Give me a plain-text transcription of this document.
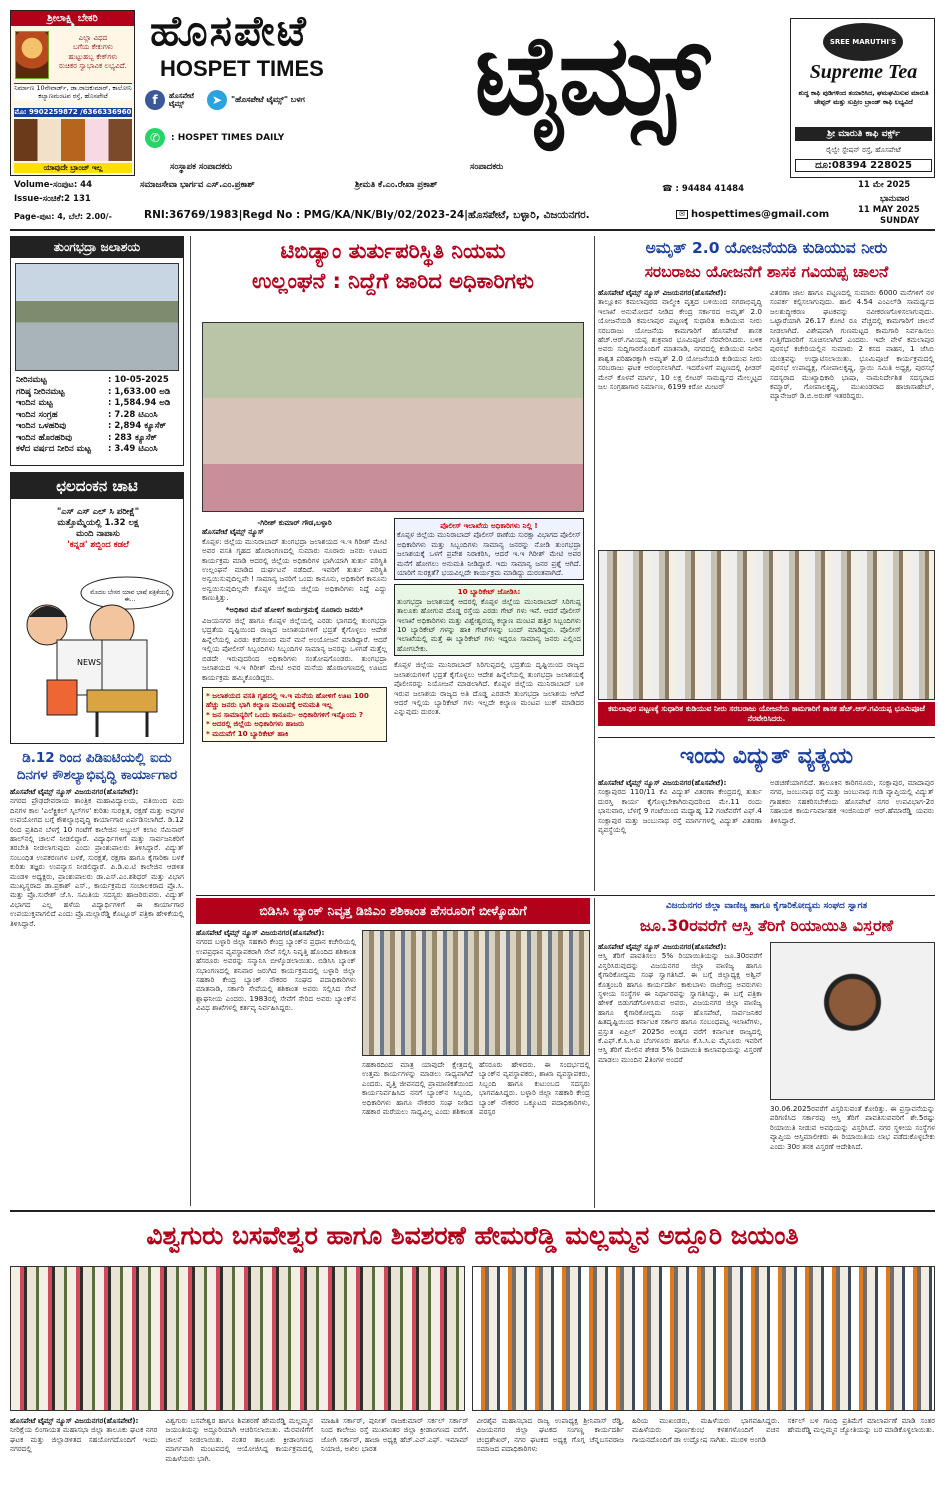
ಶ್ರೀಲಾಕ್ಷ್ಮಿ ಬೇಕರಿ
ಎಲ್ಲಾ ವಿಧದ
ಬಗೆಯ ಕೇಕುಗಳು
ಹುಟ್ಟುಹಬ್ಬ ಕೇಕ್‌ಗಳು
ರುಚಿಕರ ಸ್ವಾಭಾವಿಕ ಲಭ್ಯವಿದೆ.
ನಿರ್ಮಾಣ 10ನೇವಾರ್ಡ್, ಡಾ.ರಾಜಕುಮಾರ್, ಕಾಲೋನಿ ಕಲ್ಯಾಣಮಂಟಪ ರಸ್ತೆ, ಹೊಸಪೇಟೆ
ಮೊ: 9902259872 /6366336960
ಯಾವುದೇ ಬ್ರಾಂಚ್ ಇಲ್ಲ
ಹೊಸಪೇಟೆ
HOSPET TIMES	ಟೈಮ್ಸ್
f	ಹೊಸಪೇಟೆ ಟೈಮ್ಸ್	➤	"ಹೊಸಪೇಟೆ ಟೈಮ್ಸ್" ಬಳಗ
✆	: HOSPET TIMES DAILY
SREE MARUTHI'S
Supreme Tea
ಶುದ್ಧ ಕಾಫಿ ಪುಡಿಗಳಿಂದ ತಯಾರಿಸಿದ, ಘಮಘಮಿಸುವ ಮಾರುತಿ ಚೇಪ್ಪರ್ ಮತ್ತು ಸುಪ್ರೀಂ ಬ್ರಾಂಡ್ ಕಾಫಿ ಲಭ್ಯವಿದೆ
ಶ್ರೀ ಮಾರುತಿ ಕಾಫಿ ವರ್ಕ್ಸ್
ರೈಲ್ವೇ ಸ್ಟೇಷನ್ ರಸ್ತೆ, ಹೊಸಪೇಟೆ
ದೂ:08394 228025
ಸಂಸ್ಥಾಪಕ ಸಂಪಾದಕರು	ಸಂಪಾದಕರು
Volume-ಸಂಪುಟ: 44	ಸಮಾಜಸೇವಾ ಭಾರ್ಗವ ಎಸ್.ಎಂ.ಪ್ರಕಾಶ್	ಶ್ರೀಮತಿ ಕೆ.ಎಂ.ರೇಖಾ ಪ್ರಕಾಶ್	☎ : 94484 41484	11 ಮೇ 2025
Issue-ಸಂಚಿಕೆ:2 131	ಭಾನುವಾರ
11 MAY 2025
SUNDAY
Page-ಪುಟ: 4, ಬೆಲೆ: 2.00/-	RNI:36769/1983|Regd No : PMG/KA/NK/Bly/02/2023-24|ಹೊಸಪೇಟೆ, ಬಳ್ಳಾರಿ, ವಿಜಯನಗರ.	✉ hospettimes@gmail.com
ತುಂಗಭದ್ರಾ ಜಲಾಶಯ
ನೀರಿನಮಟ್ಟ	: 10-05-2025
ಗರಿಷ್ಠ ನೀರಿನಮಟ್ಟ	: 1,633.00 ಅಡಿ
ಇಂದಿನ ಮಟ್ಟ	: 1,584.94 ಅಡಿ
ಇಂದಿನ ಸಂಗ್ರಹ	: 7.28 ಟಿಎಂಸಿ
ಇಂದಿನ ಒಳಹರಿವು	: 2,894 ಕ್ಯೂಸೆಕ್
ಇಂದಿನ ಹೊರಹರಿವು	: 283 ಕ್ಯೂಸೆಕ್
ಕಳೆದ ವರ್ಷದ ನೀರಿನ ಮಟ್ಟ : 3.49 ಟಿಎಂಸಿ
ಛಲದಂಕನ ಚಾಟಿ
"ಎಸ್ ಎಸ್ ಎಲ್ ಸಿ ಪರೀಕ್ಷೆ"
ಮತ್ತೊಮ್ಮೆಯಲ್ಲಿ 1.32 ಲಕ್ಷ
ಮಂದಿ ನಾಪಾಸು
'ಕನ್ನಡ' ಶಬ್ದಿಂದ ಕಡಲೆ
NEWS
ಮೊದಲ ಬೇಸರ ಯಾವ ಭಾಷೆ ಪತ್ರಿಕೆಯಲ್ಲಿ ಈ...
ಡಿ.12 ರಿಂದ ಪಿಡಿಐಟಿಯಲ್ಲಿ ಐದು ದಿನಗಳ ಕೌಶಲ್ಯಾಭಿವೃದ್ಧಿ ಕಾರ್ಯಾಗಾರ
ಹೊಸಪೇಟೆ ಟೈಮ್ಸ್ ನ್ಯೂಸ್ ವಿಜಯನಗರ(ಹೊಸಪೇಟೆ):
ನಗರದ ಪ್ರೌಢದೇವರಾಯ ತಾಂತ್ರಿಕ ಮಹಾವಿದ್ಯಾಲಯ, ವತಿಯಿಂದ ಐದು ದಿನಗಳ ಕಾಲ 'ಎಲೆಕ್ಟ್ರಿಕಲ್ ಸ್ಕಿಲ್‌ಗಳ' ಕುರಿತು ಸುರಕ್ಷಿತ, ರಕ್ಷಣೆ ಮತ್ತು ಅವುಗಳ ಉಪಯೋಗದ ಬಗ್ಗೆ ಕೌಶಲ್ಯಾಭಿವೃದ್ಧಿ ಕಾರ್ಯಾಗಾರ ಏರ್ಪಡಿಸಲಾಗಿದೆ. ಡಿ.12 ರಿಂದ ಪ್ರತಿದಿನ ಬೆಳಗ್ಗೆ 10 ಗಂಟೆಗೆ ಕಾಲೇಜಿನ ಅಬ್ದುಲ್ ಕಲಾಂ ಸೆಮಿನಾರ್ ಹಾಲ್‌ನಲ್ಲಿ ಚಾಲನೆ ನೀಡಲಿದ್ದಾರೆ. ವಿದ್ಯಾರ್ಥಿಗಳಿಗೆ ಮತ್ತು ಸಾರ್ವಜನಿಕರಿಗೆ ತರಬೇತಿ ನೀಡಲಾಗುವುದು ಎಂದು ಪ್ರಾಂಶುಪಾಲರು ತಿಳಿಸಿದ್ದಾರೆ. ವಿದ್ಯುತ್ ಸಂಬಂಧಿತ ಉಪಕರಣಗಳ ಬಳಕೆ, ಸುರಕ್ಷತೆ, ರಕ್ಷಣಾ ಹಾಗೂ ಕೈಗಾರಿಕಾ ಬಳಕೆ ಕುರಿತು ತಜ್ಞರು ಉಪನ್ಯಾಸ ನೀಡಲಿದ್ದಾರೆ. ಪಿ.ಡಿ.ಐ.ಟಿ ಕಾಲೇಜಿನ ಆಡಳಿತ ಮಂಡಳಿ ಅಧ್ಯಕ್ಷರು, ಪ್ರಾಂಶುಪಾಲರು ಡಾ.ಎಸ್.ಎಂ.ಶಶಿಧರ್ ಮತ್ತು ವಿಭಾಗ ಮುಖ್ಯಸ್ಥರಾದ ಡಾ.ಪ್ರಕಾಶ್ ಎಸ್., ಕಾರ್ಯಕ್ರಮದ ಸಂಚಾಲಕರಾದ ಪ್ರೊ.ಸಿ. ಮತ್ತು ಪ್ರೊ.ಸುರೇಶ್ ಜೆ.ಸಿ. ಸಮಿತಿಯ ಸದಸ್ಯರು ಹಾಜರಿರುವರು. ವಿದ್ಯುತ್ ವಿಭಾಗದ ಎಲ್ಲ ಹಳೆಯ ವಿದ್ಯಾರ್ಥಿಗಳಿಗೆ ಈ ಕಾರ್ಯಾಗಾರ ಉಪಯುಕ್ತವಾಗಲಿದೆ ಎಂದು ಪ್ರೊ.ಮಲ್ಲಾರೆಡ್ಡಿ ಕೊಟ್ಟೂರ್ ಪತ್ರಿಕಾ ಹೇಳಿಕೆಯಲ್ಲಿ ತಿಳಿಸಿದ್ದಾರೆ.
ಟಿಬಿಡ್ಯಾಂ ತುರ್ತುಪರಿಸ್ಥಿತಿ ನಿಯಮ
ಉಲ್ಲಂಘನೆ : ನಿದ್ದೆಗೆ ಜಾರಿದ ಅಧಿಕಾರಿಗಳು
-ಗಿರೀಶ್ ಕುಮಾರ್ ಗೌಡ,ಬಳ್ಳಾರಿ
ಹೊಸಪೇಟೆ ಟೈಮ್ಸ್ ನ್ಯೂಸ್
ಕೊಪ್ಪಳ: ಜಿಲ್ಲೆಯ ಮುನಿರಾಬಾದ್ ತುಂಗಭದ್ರಾ ಜಲಾಶಯದ ಇ.ಇ ಗಿರೀಶ್ ಮೇಟಿ ಅವರ ವಸತಿ ಗೃಹದ ಹೊರಾಂಗಣದಲ್ಲಿ ಸುಮಾರು ನೂರಾರು ಜನರು ಊಟದ ಕಾರ್ಯಕ್ರಮ ಮಾಡಿ ಆದರಲ್ಲಿ ಜಿಲ್ಲೆಯ ಅಧಿಕಾರಿಗಳ ಭಾಗಿಯಾಗಿ ತುರ್ತು ಪರಿಸ್ಥಿತಿ ಉಲ್ಲಂಘನೆ ಮಾಡಿದ ದುರ್ಘಟನೆ ನಡೆದಿದೆ. ಇವರಿಗೆ ತುರ್ತು ಪರಿಸ್ಥಿತಿ ಅನ್ವಯಿಸುವುದಿಲ್ಲವೇ ! ಸಾಮಾನ್ಯ ಜನರಿಗೆ ಒಂದು ಕಾನೂನು, ಅಧಿಕಾರಿಗೆ ಕಾನೂನು ಅನ್ವಯಿಸುವುದಿಲ್ಲವೇ ಕೊಪ್ಪಳ ಜಿಲ್ಲೆಯ ಜಿಲ್ಲೆಯ ಅಧಿಕಾರಿಗಳು ನಿದ್ದೆ ಎದ್ದು ಕಾಣುತ್ತಿತ್ತು.
*ಅಧಿಕಾರ ಮನೆ ಹೋಳಿಗೆ ಕಾರ್ಯಕ್ರಮಕ್ಕೆ ನೂರಾರು ಜನರು*
ವಿಜಯನಗರ ಜಿಲ್ಲೆ ಹಾಗೂ ಕೊಪ್ಪಳ ಜಿಲ್ಲೆಯಲ್ಲಿ ಎರಡು ಭಾಗದಲ್ಲಿ ತುಂಗಭದ್ರಾ ಭದ್ರತೆಯ ದೃಷ್ಟಿಯಿಂದ ರಾಜ್ಯದ ಜಲಾಶಯಗಳಿಗೆ ಭದ್ರತೆ ಕೈಗೊಳ್ಳಲು ಆದೇಶ ಹಿನ್ನೆಲೆಯಲ್ಲಿ ಎರಡು ಕಡೆಯಿಂದ ಮನೆ ಮನೆ ಅಂಯೋಜನೆ ಮಾಡಿದ್ದಾರೆ. ಆದರೆ ಇಲ್ಲಿಯ ಪೋಲೀಸ್ ಸಿಬ್ಬಂದಿಗಳು ಸಿಬ್ಬಂದಿಗಳ ಸಾಮಾನ್ಯ ಜನರನ್ನು ಒಳಗಡೆ ಮತ್ತೆಲ್ಲ ಬಿಡದೇ ಇರುವುದರಿಂದ ಅಧಿಕಾರಿಗಳು ಸಂತೋಷಗೊಂಡರು. ತುಂಗಭದ್ರಾ ಜಲಾಶಯದ ಇ.ಇ ಗಿರೀಶ್ ಮೇಟಿ ಅವರ ಮನೆಯ ಹೊರಾಂಗಣದಲ್ಲಿ ಊಟದ ಕಾರ್ಯಕ್ರಮ ಹಮ್ಮಿಕೊಂಡಿದ್ದರು.
* ಜಲಾಶಯದ ವಸತಿ ಗೃಹದಲ್ಲಿ ಇ.ಇ ಮನೆಯ ಹೋಳಿಗೆ ಊಟ 100 ಹೆಚ್ಚು ಜನರು ಭಾಗಿ ಕಲ್ಯಾಣ ಮಂಟಪಕ್ಕೆ ಅನುಮತಿ ಇಲ್ಲ
* ಜನ ಸಾಮಾನ್ಯರಿಗೆ ಒಂದು ಕಾನೂನು- ಅಧಿಕಾರಿಗಳಿಗೆ ಇನ್ನೊಂದು ?
* ಆದರಲ್ಲಿ ಜಿಲ್ಲೆಯ ಅಧಿಕಾರಿಗಳು ಹಾಜರು
* ಮದುವೆಗೆ 10 ಬ್ಯಾರಿಕೇಟ್ ಹಾಕಿ
ಪೊಲೀಸ್ ಇಲಾಖೆಯ ಅಧಿಕಾರಿಗಳು ನಿಲ್ಲಿ !
ಕೊಪ್ಪಳ ಜಿಲ್ಲೆಯ ಮುನಿರಾಬಾದ್ ಪೊಲೀಸ್ ಠಾಣೆಯ ಸುರಕ್ಷಾ ವಿಭಾಗದ ಪೊಲೀಸ್ ಅಧಿಕಾರಿಗಳು ಮತ್ತು ಸಿಬ್ಬಂದಿಗಳು ಸಾಮಾನ್ಯ ಜನರನ್ನು ನೋಡಿ ತುಂಗಭದ್ರಾ ಜಲಾಶಯಕ್ಕೆ ಒಳಗೆ ಪ್ರವೇಶ ನಿರಾಕರಿಸಿ, ಆದರೆ ಇ.ಇ ಗಿರೀಶ್ ಮೇಟಿ ಅವರ ಮನೆಗೆ ಹೋಗಲು ಅನುಮತಿ ನೀಡಿದ್ದಾರೆ. ಇದು ಸಾಮಾನ್ಯ ಜನರ ಪ್ರಶ್ನೆ ಆಗಿದೆ. ಯಾರಿಗೆ ಸುರಕ್ಷತೆ? ಭಯವಿಲ್ಲದೇ ಕಾರ್ಯಕ್ರಮ ಮಾಡಿದ್ದು ದುರಂತವಾಗಿದೆ.
10 ಬ್ಯಾರಿಕೇಟ್ ಜೋಡಿಸಿ:
ತುಂಗಭದ್ರಾ ಜಲಾಶಯಕ್ಕೆ ಆದರಲ್ಲಿ ಕೊಪ್ಪಳ ಜಿಲ್ಲೆಯ ಮುನಿರಾಬಾದ್ ಸಿರಿಗುಪ್ಪ ತಾಲೂಕು ಹೋಗುವ ದೊಡ್ಡ ರಸ್ತೆಯ ಎರಡು ಗೇಟ್ ಗಳು ಇವೆ. ಆದರೆ ಪೊಲೀಸ್ ಇಲಾಖೆ ಅಧಿಕಾರಿಗಳು ಮತ್ತು ವಿಶ್ವೇಶ್ವರಯ್ಯ ಕಲ್ಯಾಣ ಮಂಟಪ ಹತ್ತಿರ ಸಿಬ್ಬಂದಿಗಳು 10 ಬ್ಯಾರಿಕೇಟ್ ಗಳನ್ನು ಹಾಕಿ ಗೇಟ್‌ಗಳನ್ನು ಬಂದ್ ಮಾಡಿದ್ದರು. ಪೊಲೀಸ್ ಇಲಾಖೆಯಲ್ಲಿ ಮತ್ತೆ ಈ ಬ್ಯಾರಿಕೇಟ್ ಗಳು ಇದ್ದರೂ ಸಾಮಾನ್ಯ ಜನರು ಎಲ್ಲಿಂದ ಹೋಗಬೇಕು.
ಕೊಪ್ಪಳ ಜಿಲ್ಲೆಯ ಮುನಿರಾಬಾದ್ ಸಿರಿಗುಪ್ಪದಲ್ಲಿ ಭದ್ರತೆಯ ದೃಷ್ಟಿಯಿಂದ ರಾಜ್ಯದ ಜಲಾಶಯಗಳಿಗೆ ಭದ್ರತೆ ಕೈಗೊಳ್ಳಲು ಆದೇಶ ಹಿನ್ನೆಲೆಯಲ್ಲಿ ತುಂಗಭದ್ರಾ ಜಲಾಶಯಕ್ಕೆ ಪೊಲೀಸರನ್ನು ನಿಯೋಜನೆ ಮಾಡಲಾಗಿದೆ. ಕೊಪ್ಪಳ ಜಿಲ್ಲೆಯ ಮುನಿರಾಬಾದ್ ಬಳಿ ಇರುವ ಜಲಾಶಯ ರಾಜ್ಯದ ಅತಿ ದೊಡ್ಡ ಎರಡನೇ ತುಂಗಭದ್ರಾ ಜಲಾಶಯ ಆಗಿದೆ ಆದರೆ ಇಲ್ಲಿಯ ಬ್ಯಾರಿಕೇಟ್ ಗಳು ಇಲ್ಲದೇ ಕಲ್ಯಾಣ ಮಂಟಪ ಬುಕ್ ಮಾಡಿದರ ಎನ್ನುವುದು ದುರಂತ.
ಅಮೃತ್ 2.0 ಯೋಜನೆಯಡಿ ಕುಡಿಯುವ ನೀರು
ಸರಬರಾಜು ಯೋಜನೆಗೆ ಶಾಸಕ ಗವಿಯಪ್ಪ ಚಾಲನೆ
ಹೊಸಪೇಟೆ ಟೈಮ್ಸ್ ನ್ಯೂಸ್ ವಿಜಯನಗರ(ಹೊಸಪೇಟೆ):
ತಾಲ್ಲೂಕಿನ ಕಮಲಾಪುರದ ವಾಲ್ಮೀಕಿ ವೃತ್ತದ ಬಳಿಯಿಂದ ನಗರಾಭಿವೃದ್ಧಿ ಇಲಾಖೆ ಅನುಮೋದನೆ ನೀಡಿದ ಕೇಂದ್ರ ಸರ್ಕಾರದ ಅಮೃತ್ 2.0 ಯೋಜನೆಯಡಿ ಕಮಲಾಪುರ ಪಟ್ಟಣಕ್ಕೆ ಸುಧಾರಿತ ಕುಡಿಯುವ ನೀರು ಸರಬರಾಜು ಯೋಜನೆಯ ಕಾಮಗಾರಿಗೆ ಹೊಸಪೇಟೆ ಶಾಸಕ ಹೆಚ್.ಆರ್.ಗವಿಯಪ್ಪ ಶುಕ್ರವಾರ ಭೂಮಿಪೂಜೆ ನೆರವೇರಿಸಿದರು. ಬಳಿಕ ಅವರು ಸುದ್ದಿಗಾರರೊಂದಿಗೆ ಮಾತನಾಡಿ, ನಗರದಲ್ಲಿ ಕುಡಿಯುವ ನೀರಿನ ಶಾಶ್ವತ ಪರಿಹಾರಕ್ಕಾಗಿ ಅಮೃತ್ 2.0 ಯೋಜನೆಯಡಿ ಕುಡಿಯುವ ನೀರು ಸರಬರಾಜು ಘಟಕ ಆರಂಭಿಸಲಾಗಿದೆ. ಇದರೊಳಗೆ ಪಟ್ಟಣದಲ್ಲಿ ಫೀಡರ್ ಮೇನ್ ಕೊಳವೆ ಮಾರ್ಗ, 10 ಲಕ್ಷ ಲೀಟರ್ ಸಾಮರ್ಥ್ಯದ ಮೇಲ್ಮಟ್ಟದ ಜಲ ಸಂಗ್ರಹಾಗಾರ ನಿರ್ಮಾಣ, 6199 ಕಿರೋ ಮೀಟರ್
ವಿತರಣಾ ಜಾಲ ಹಾಗೂ ಪಟ್ಟಣದಲ್ಲಿ ಸುಮಾರು 6000 ಮನೆಗಳಿಗೆ ನಳ ಸಂಪರ್ಕ ಕಲ್ಪಿಸಲಾಗುವುದು. ಹಾಲಿ 4.54 ಎಂಎಲ್‌ಡಿ ಸಾಮರ್ಥ್ಯದ ಜಲಶುದ್ಧೀಕರಣ ಘಟಕವನ್ನು ನವೀಕರಣಗೊಳಿಸಲಾಗುವುದು. ಒಟ್ಟಾರೆಯಾಗಿ 26.17 ಕೋಟಿ ರೂ ವೆಚ್ಚದಲ್ಲಿ ಕಾಮಗಾರಿಗೆ ಚಾಲನೆ ನೀಡಲಾಗಿದೆ. ವಿಶೇಷವಾಗಿ ಗುಣಮಟ್ಟದ ಕಾಮಗಾರಿ ನಿರ್ವಹಿಸಲು ಗುತ್ತಿಗೆದಾರರಿಗೆ ಸೂಚಿಸಲಾಗಿದೆ ಎಂದರು. ಇದೇ ವೇಳೆ ಕಮಲಾಪುರ ಪುರಸಭೆ ಕಚೇರಿಯಲ್ಲಿನ ಸುಮಾರು 2 ಕಸದ ವಾಹನ, 1 ಜೆಸಿಬಿ ಯಂತ್ರವನ್ನು ಉದ್ಘಾಟಿಸಲಾಯಿತು. ಭೂಮಿಪೂಜೆ ಕಾರ್ಯಕ್ರಮದಲ್ಲಿ ಪುರಸಭೆ ಉಪಾಧ್ಯಕ್ಷ, ಗೋಪಾಲಕೃಷ್ಣ, ಸ್ಥಾಯಿ ಸಮಿತಿ ಅಧ್ಯಕ್ಷ, ಪುರಸಭೆ ಸದಸ್ಯರಾದ ಮುಖ್ಯಾಧಿಕಾರಿ ಭಾಷಾ, ನಾಮನಿರ್ದೇಶಿತ ಸದಸ್ಯರಾದ ಕಮ್ಮಾರ್, ಗೋಪಾಲಕೃಷ್ಣ, ಮುಖಂಡರಾದ ಹಾಜಾಸಾಹೇಬ್, ಮ್ಯಾನೇಜರ್ ಡಿ.ಬಿ.ಅರುಣ್ ಇತರರಿದ್ದರು.
ಕಮಲಾಪುರ ಪಟ್ಟಣಕ್ಕೆ ಸುಧಾರಿತ ಕುಡಿಯುವ ನೀರು ಸರಬರಾಜು ಯೋಜನೆಯ ಕಾಮಗಾರಿಗೆ ಶಾಸಕ ಹೆಚ್.ಆರ್.ಗವಿಯಪ್ಪ ಭೂಮಿಪೂಜೆ ನೆರವೇರಿಸಿದರು.
ಇಂದು ವಿದ್ಯುತ್ ವ್ಯತ್ಯಯ
ಹೊಸಪೇಟೆ ಟೈಮ್ಸ್ ನ್ಯೂಸ್ ವಿಜಯನಗರ(ಹೊಸಪೇಟೆ):
ಸಂಕ್ಲಾಪುರದ 110/11 ಕೆವಿ ವಿದ್ಯುತ್ ವಿತರಣಾ ಕೇಂದ್ರದಲ್ಲಿ ತುರ್ತು ದುರಸ್ತಿ ಕಾರ್ಯ ಕೈಗೊಳ್ಳಬೇಕಾಗಿರುವುದರಿಂದ ಮೇ.11 ರಂದು ಭಾನುವಾರ, ಬೆಳಗ್ಗೆ 9 ಗಂಟೆಯಿಂದ ಮಧ್ಯಾಹ್ನ 12 ಗಂಟೆವರೆಗೆ ಎಫ್.4 ಸಂಕ್ಲಾಪುರ ಮತ್ತು ಜಂಬುನಾಥ ರಸ್ತೆ ಮಾರ್ಗಗಳಲ್ಲಿ ವಿದ್ಯುತ್ ವಿತರಣಾ ವ್ಯವಸ್ಥೆಯಲ್ಲಿ
ಅಡಚಣೆಯಾಗಲಿದೆ. ತಾಲೂಕಿನ ಕಾರಿಗನೂರು, ಸಂಕ್ಲಾಪುರ, ಮಾದಾಪುರ ನಗರ, ಜಂಬುನಾಥ ರಸ್ತೆ ಮತ್ತು ಜಂಬುನಾಥ ಗುಡಿ ವ್ಯಾಪ್ತಿಯಲ್ಲಿ ವಿದ್ಯುತ್ ಗ್ರಾಹಕರು ಸಹಕರಿಸಬೇಕೆಂದು ಹೊಸಪೇಟೆ ನಗರ ಉಪವಿಭಾಗ-2ರ ಸಹಾಯಕ ಕಾರ್ಯನಿರ್ವಾಹಕ ಇಂಜಿನಿಯರ್ ಆರ್.ಹೆಮಾರೆಡ್ಡಿ ಯವರು ತಿಳಿಸಿದ್ದಾರೆ.
ಬಿಡಿಸಿಸಿ ಬ್ಯಾಂಕ್ ನಿವೃತ್ತ ಡಿಜಿಎಂ ಶಶಿಕಾಂತ ಹೆಸರೂರಿಗೆ ಬೀಳ್ಕೊಡುಗೆ
ಹೊಸಪೇಟೆ ಟೈಮ್ಸ್ ನ್ಯೂಸ್ ವಿಜಯನಗರ(ಹೊಸಪೇಟೆ):
ನಗರದ ಬಳ್ಳಾರಿ ಜಿಲ್ಲಾ ಸಹಕಾರಿ ಕೇಂದ್ರ ಬ್ಯಾಂಕ್‌ನ ಪ್ರಧಾನ ಕಚೇರಿಯಲ್ಲಿ ಉಪಪ್ರಧಾನ ವ್ಯವಸ್ಥಾಪಕರಾಗಿ ಸೇವೆ ಸಲ್ಲಿಸಿ ನಿವೃತ್ತಿ ಹೊಂದಿದ ಶಶಿಕಾಂತ ಹೆಸರೂರು ಅವರನ್ನು ಸನ್ಮಾನಿಸಿ ಬೀಳ್ಕೊಡಲಾಯಿತು. ಬಿಡಿಸಿಸಿ ಬ್ಯಾಂಕ್ ಸಭಾಂಗಣದಲ್ಲಿ ಶನಿವಾರ ಜರುಗಿದ ಕಾರ್ಯಕ್ರಮದಲ್ಲಿ ಬಳ್ಳಾರಿ ಜಿಲ್ಲಾ ಸಹಕಾರಿ ಕೇಂದ್ರ ಬ್ಯಾಂಕ್ ನೌಕರರ ಸಂಘದ ಪದಾಧಿಕಾರಿಗಳು ಮಾತನಾಡಿ, ಸರ್ಕಾರಿ ಸೇವೆಯಲ್ಲಿ ಶಶಿಕಾಂತ ಅವರು ಸಲ್ಲಿಸಿದ ಸೇವೆ ಶ್ಲಾಘನೀಯ ಎಂದರು. 1983ರಲ್ಲಿ ಸೇವೆಗೆ ಸೇರಿದ ಅವರು ಬ್ಯಾಂಕ್‌ನ ವಿವಿಧ ಶಾಖೆಗಳಲ್ಲಿ ಕರ್ತವ್ಯ ನಿರ್ವಹಿಸಿದ್ದರು.
ಸಹಕಾರದಿಂದ ಮಾತ್ರ ಯಾವುದೇ ಕ್ಷೇತ್ರದಲ್ಲಿ ಉತ್ತಮ ಕಾರ್ಯಗಳನ್ನು ಮಾಡಲು ಸಾಧ್ಯವಾಗಿದೆ ಎಂದರು. ವೃತ್ತಿ ಜೀವನದಲ್ಲಿ ಪ್ರಾಮಾಣಿಕತೆಯಿಂದ ಕಾರ್ಯನಿರ್ವಹಿಸಿದ ನನಗೆ ಬ್ಯಾಂಕ್‌ನ ಸಿಬ್ಬಂದಿ, ಅಧಿಕಾರಿಗಳು ಹಾಗೂ ನೌಕರರ ಸಂಘ ನೀಡಿದ ಸಹಕಾರ ಮರೆಯಲು ಸಾಧ್ಯವಿಲ್ಲ ಎಂದು ಶಶಿಕಾಂತ ಹೆಸರೂರು ಹೇಳಿದರು. ಈ ಸಂದರ್ಭದಲ್ಲಿ ಬ್ಯಾಂಕ್‌ನ ವ್ಯವಸ್ಥಾಪಕರು, ಶಾಖಾ ವ್ಯವಸ್ಥಾಪಕರು, ಸಿಬ್ಬಂದಿ ಹಾಗೂ ಕುಟುಂಬದ ಸದಸ್ಯರು ಭಾಗವಹಿಸಿದ್ದರು. ಬಳ್ಳಾರಿ ಜಿಲ್ಲಾ ಸಹಕಾರಿ ಕೇಂದ್ರ ಬ್ಯಾಂಕ್ ನೌಕರರ ಒಕ್ಕೂಟದ ಪದಾಧಿಕಾರಿಗಳು, ಪರಸ್ಪರ
ವಿಜಯನಗರ ಜಿಲ್ಲಾ ವಾಣಿಜ್ಯ ಹಾಗೂ ಕೈಗಾರಿಕೋದ್ಯಮ ಸಂಘದ ಸ್ವಾಗತ
ಜೂ.30ರವರೆಗೆ ಆಸ್ತಿ ತೆರಿಗೆ ರಿಯಾಯಿತಿ ವಿಸ್ತರಣೆ
ಹೊಸಪೇಟೆ ಟೈಮ್ಸ್ ನ್ಯೂಸ್ ವಿಜಯನಗರ(ಹೊಸಪೇಟೆ):
ಆಸ್ತಿ ತೆರಿಗೆ ಪಾವತಿಸಲು 5% ರಿಯಾಯಿತಿಯನ್ನು ಜೂ.30ರವರೆಗೆ ವಿಸ್ತರಿಸಿರುವುದನ್ನು ವಿಜಯನಗರ ಜಿಲ್ಲಾ ವಾಣಿಜ್ಯ ಹಾಗೂ ಕೈಗಾರಿಕೋದ್ಯಮ ಸಂಘ ಸ್ವಾಗತಿಸಿದೆ. ಈ ಬಗ್ಗೆ ಜಿಲ್ಲಾಧ್ಯಕ್ಷ ಅಶ್ವಿನ್ ಕೊತ್ತಂಬರಿ ಹಾಗೂ ಕಾರ್ಯದರ್ಶಿ ಕಾಕುಬಾಳು ರಾಜೇಂದ್ರ ಅವರುಗಳು ಸ್ಥಳೀಯ ಸಂಸ್ಥೆಗಳ ಈ ನಿರ್ಧಾರವನ್ನು ಸ್ವಾಗತಿಸಿದ್ದು, ಈ ಬಗ್ಗೆ ಪತ್ರಿಕಾ ಹೇಳಿಕೆ ಬಿಡುಗಡೆಗೊಳಿಸಿರುವ ಅವರು, ವಿಜಯನಗರ ಜಿಲ್ಲಾ ವಾಣಿಜ್ಯ ಹಾಗೂ ಕೈಗಾರಿಕೋದ್ಯಮ ಸಂಘ ಹೊಸಪೇಟೆ, ಸಾರ್ವಜನಿಕರ ಹಿತದೃಷ್ಟಿಯಿಂದ ಕರ್ನಾಟಕ ಸರ್ಕಾರ ಹಾಗೂ ಸಂಬಂಧಪಟ್ಟ ಇಲಾಖೆಗಳು, ಪ್ರಸ್ತುತ ಏಪ್ರಿಲ್ 2025ರ ಅಂತ್ಯದ ವರೆಗೆ ಕರ್ನಾಟಕ ರಾಜ್ಯದಲ್ಲಿ ಕೆ.ಎಫ್.ಕೆ.ಸಿ.ಸಿ.ಐ ಬೆಂಗಳೂರು ಹಾಗೂ ಕೆ.ಸಿ.ಸಿ.ಐ ಮೈಸೂರು ಇವರಿಗೆ ಆಸ್ತಿ ತೆರಿಗೆ ಮೇಲಿನ ಶೇಕಡ 5% ರಿಯಾಯಿತಿ ಕಾಲಾವಧಿಯನ್ನು ವಿಸ್ತರಣೆ ಮಾಡಲು ಮುಂದಿನ 2ತಿಂಗಳ ಅಂದರೆ
30.06.2025ರವರೆಗೆ ವಿಸ್ತರಿಸುವಂತೆ ಕೋರಿತ್ತು. ಈ ಪ್ರಸ್ತಾವನೆಯನ್ನು ಪರಿಗಣಿಸಿದ ಸರ್ಕಾರವು ಆಸ್ತಿ ತೆರಿಗೆ ಪಾವತಿಸುವವರಿಗೆ ಶೇ.5ರಷ್ಟು ರಿಯಾಯಿತಿ ನೀಡುವ ಅವಧಿಯನ್ನು ವಿಸ್ತರಿಸಿದೆ. ನಗರ ಸ್ಥಳೀಯ ಸಂಸ್ಥೆಗಳ ವ್ಯಾಪ್ತಿಯ ಆಸ್ತಿಮಾಲೀಕರು ಈ ರಿಯಾಯಿತಿಯ ಲಾಭ ಪಡೆದುಕೊಳ್ಳಬೇಕು ಎಂದು 30ರ ತನಕ ವಿಸ್ತರಣೆ ಆದೇಶಿಸಿದೆ.
ವಿಶ್ವಗುರು ಬಸವೇಶ್ವರ ಹಾಗೂ ಶಿವಶರಣೆ ಹೇಮರೆಡ್ಡಿ ಮಲ್ಲಮ್ಮನ ಅದ್ದೂರಿ ಜಯಂತಿ
ಹೊಸಪೇಟೆ ಟೈಮ್ಸ್ ನ್ಯೂಸ್ ವಿಜಯನಗರ(ಹೊಸಪೇಟೆ):
ನೀರಿಕ್ಷೆಯ ಲಿಂಗಾಯತ ಮಹಾಸಭಾ ಜಿಲ್ಲಾ ತಾಲೂಕು ಘಟಕ ನಗರ ಘಟಕ ಮತ್ತು ಜಿಲ್ಲಾಡಳಿತದ ಸಹಯೋಗದೊಂದಿಗೆ ಇಂದು ನಗರದಲ್ಲಿ
ವಿಶ್ವಗುರು ಬಸವೇಶ್ವರ ಹಾಗೂ ಶಿವಶರಣೆ ಹೇಮರೆಡ್ಡಿ ಮಲ್ಲಮ್ಮನ ಜಯಂತಿಯನ್ನು ಅದ್ದೂರಿಯಾಗಿ ಆಚರಿಸಲಾಯಿತು. ಮೆರವಣಿಗೆಗೆ ಚಾಲನೆ ನೀಡಲಾಯಿತು. ನಂತರ ತಾಲೂಕು ಕ್ರೀಡಾಂಗಣದ ಮಾರ್ಗವಾಗಿ ಮಂಟಪದಲ್ಲಿ ಆಯೋಜಿಸಿದ್ದ ಕಾರ್ಯಕ್ರಮದಲ್ಲಿ ಮಹಿಳೆಯರು ಭಾಗಿ.
ಮಾಹಿತಿ ಸರ್ಕಾರ್, ಪುನೀತ್ ರಾಜಕುಮಾರ್ ಸರ್ಕಲ್ ಸರ್ಕಾರ್ ನಿಂದ ಕಾಲೇಜು ರಸ್ತೆ ಮುಖಾಂತರ ಜಿಲ್ಲಾ ಕ್ರೀಡಾಂಗಣದ ವರೆಗೆ. ಜೋಗಿ ಸರ್ಕಾರ್, ಹಾಜಾ ಅಧ್ಯಕ್ಷ ಹೆಚ್.ಎನ್.ಎಫ್. ಇಮಾಮ್ ನಿಯಾಜಿ, ಅಖಿಲ ಭಾರತ
ವೀರಶೈವ ಮಹಾಸಭಾದ ರಾಜ್ಯ ಉಪಾಧ್ಯಕ್ಷ ಶ್ರೀನಿವಾಸ್ ರೆಡ್ಡಿ, ವಿಜಯನಗರ ಜಿಲ್ಲಾ ಘಟಕದ ಸಂಗಣ್ಣ ಕಾರ್ಯದರ್ಶಿ ಚಂದ್ರಶೇಖರ್, ನಗರ ಘಟಕದ ಅಧ್ಯಕ್ಷ ಗೊಗ್ಗ ಚೆನ್ನಬಸವರಾಜ ಸಮಾಜದ ಪದಾಧಿಕಾರಿಗಳು
ಹಿರಿಯ ಮುಖಂಡರು, ಮಹಿಳೆಯರು ಭಾಗವಹಿಸಿದ್ದರು. ಮಹಿಳೆಯರು ಪೂರ್ಣಕುಂಭ ಕಳಶಗಳೊಂದಿಗೆ ವಚನ ಗಾಯನದೊಂದಿಗೆ ಡಾ ಉದ್ಘೋಷ ಸಾಗಿತು. ಮುರಳಿ ಅಂಗಡಿ
ಸರ್ಕಲ್ ಬಳಿ ಗಾಂಧಿ ಪ್ರತಿಮೆಗೆ ಮಾಲಾರ್ಪಣೆ ಮಾಡಿ ಸಂತರ ಹೇಮರೆಡ್ಡಿ ಮಲ್ಲಮ್ಮನ ಜ್ಯೋತಿಯನ್ನು ಬರ ಮಾಡಿಕೊಳ್ಳಲಾಯಿತು.
